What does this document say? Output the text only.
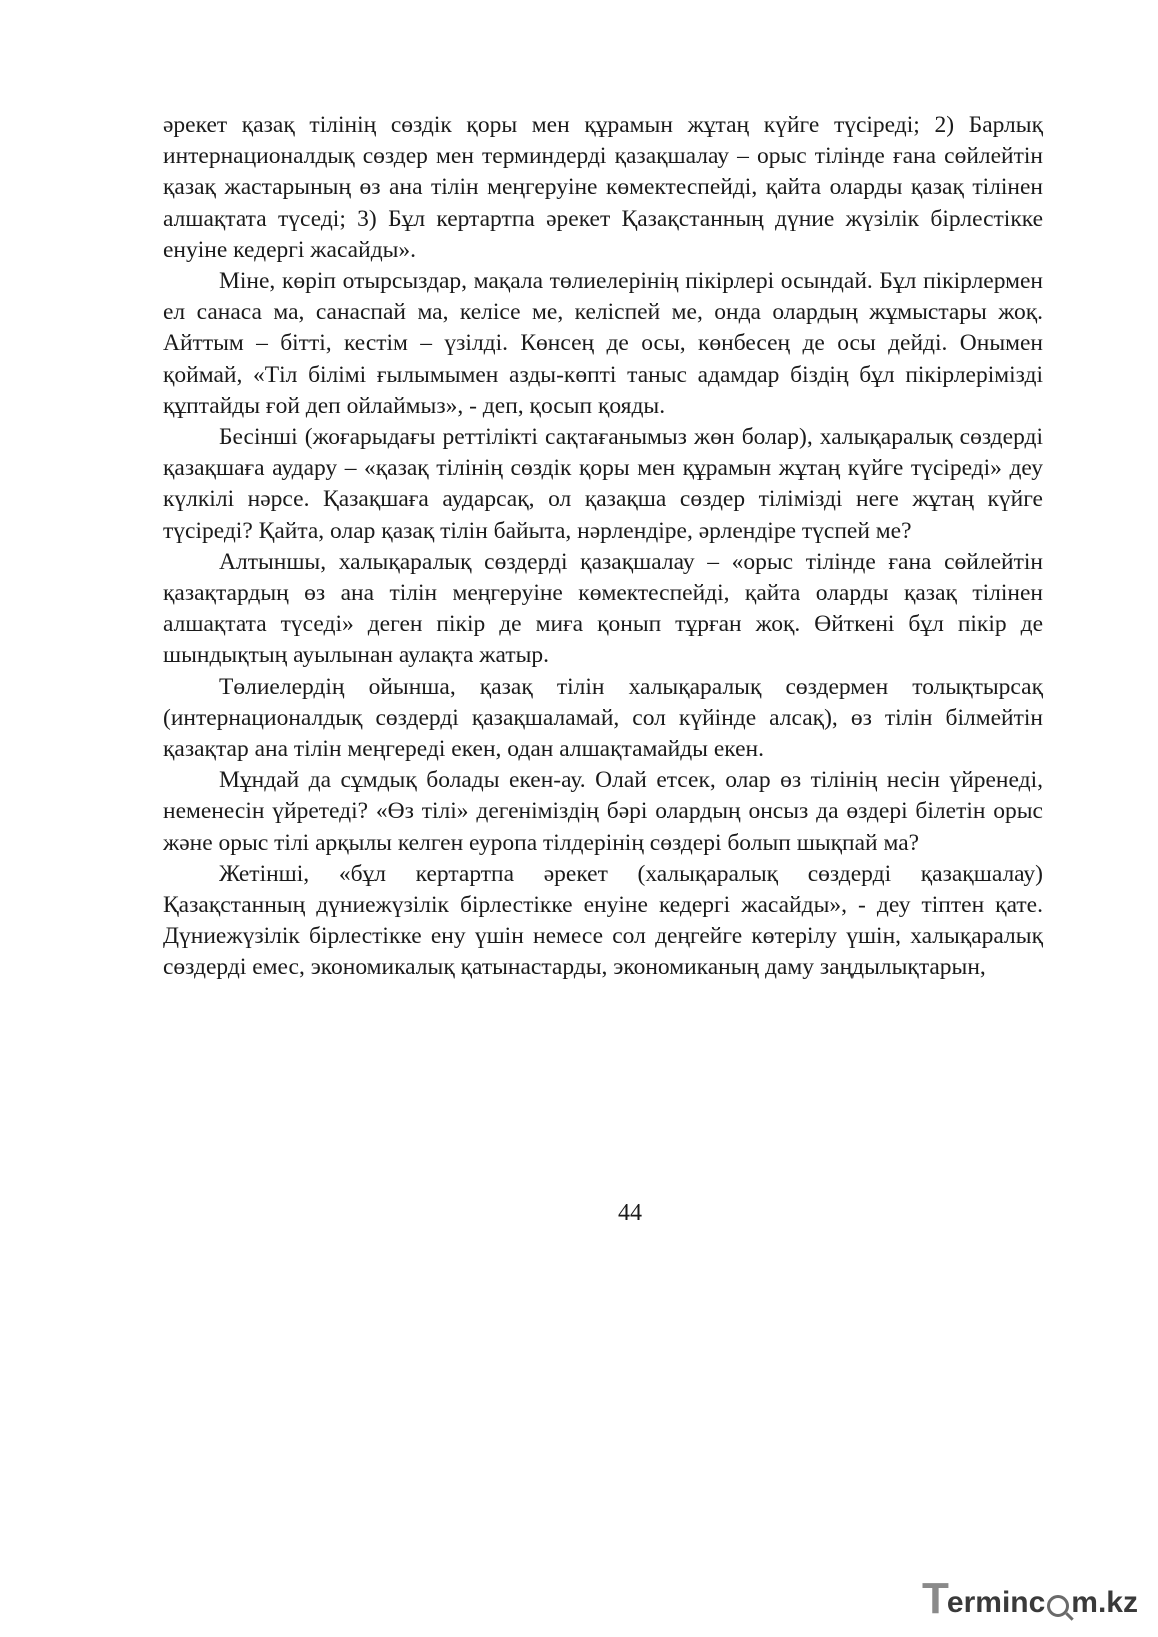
әрекет қазақ тілінің сөздік қоры мен құрамын жұтаң күйге түсіреді; 2) Барлық интернационалдық сөздер мен терминдерді қазақшалау – орыс тілінде ғана сөйлейтін қазақ жастарының өз ана тілін меңгеруіне көмектеспейді, қайта оларды қазақ тілінен алшақтата түседі; 3) Бұл кертартпа әрекет Қазақстанның дүние жүзілік бірлестікке енуіне кедергі жасайды».

Міне, көріп отырсыздар, мақала төлиелерінің пікірлері осындай. Бұл пікірлермен ел санаса ма, санаспай ма, келісе ме, келіспей ме, онда олардың жұмыстары жоқ. Айттым – бітті, кестім – үзілді. Көнсең де осы, көнбесең де осы дейді. Онымен қоймай, «Тіл білімі ғылымымен азды-көпті таныс адамдар біздің бұл пікірлерімізді құптайды ғой деп ойлаймыз», - деп, қосып қояды.

Бесінші (жоғарыдағы реттілікті сақтағанымыз жөн болар), халықаралық сөздерді қазақшаға аудару – «қазақ тілінің сөздік қоры мен құрамын жұтаң күйге түсіреді» деу күлкілі нәрсе. Қазақшаға аударсақ, ол қазақша сөздер тілімізді неге жұтаң күйге түсіреді? Қайта, олар қазақ тілін байыта, нәрлендіре, әрлендіре түспей ме?

Алтыншы, халықаралық сөздерді қазақшалау – «орыс тілінде ғана сөйлейтін қазақтардың өз ана тілін меңгеруіне көмектеспейді, қайта оларды қазақ тілінен алшақтата түседі» деген пікір де миға қонып тұрған жоқ. Өйткені бұл пікір де шындықтың ауылынан аулақта жатыр.

Төлиелердің ойынша, қазақ тілін халықаралық сөздермен толықтырсақ (интернационалдық сөздерді қазақшаламай, сол күйінде алсақ), өз тілін білмейтін қазақтар ана тілін меңгереді екен, одан алшақтамайды екен.

Мұндай да сұмдық болады екен-ау. Олай етсек, олар өз тілінің несін үйренеді, неменесін үйретеді? «Өз тілі» дегеніміздің бәрі олардың онсыз да өздері білетін орыс және орыс тілі арқылы келген еуропа тілдерінің сөздері болып шықпай ма?

Жетінші, «бұл кертартпа әрекет (халықаралық сөздерді қазақшалау) Қазақстанның дүниежүзілік бірлестікке енуіне кедергі жасайды», - деу тіптен қате. Дүниежүзілік бірлестікке ену үшін немесе сол деңгейге көтерілу үшін, халықаралық сөздерді емес, экономикалық қатынастарды, экономиканың даму заңдылықтарын,

44
T
erminc m.kz
